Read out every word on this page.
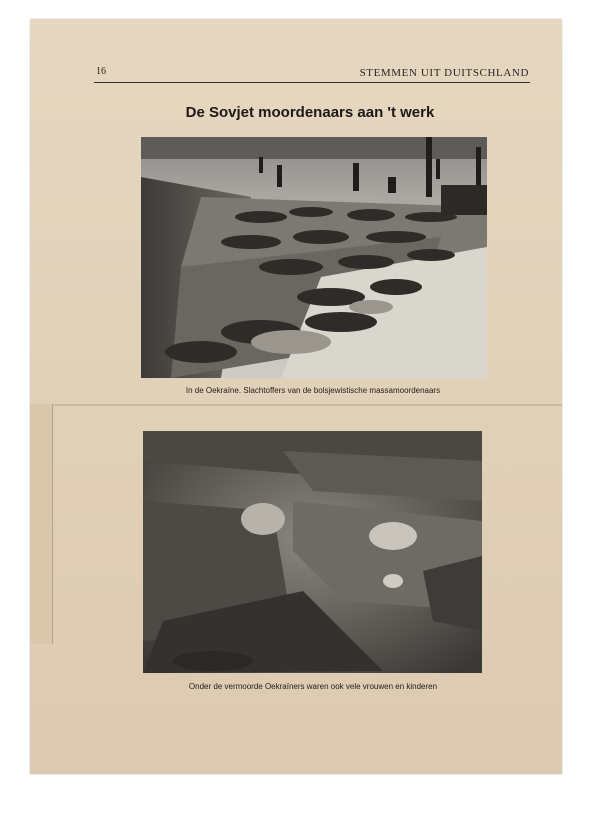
16	STEMMEN UIT DUITSCHLAND
De Sovjet moordenaars aan 't werk
In de Oekraïne. Slachtoffers van de bolsjewistische massamoordenaars
Onder de vermoorde Oekraïners waren ook vele vrouwen en kinderen
